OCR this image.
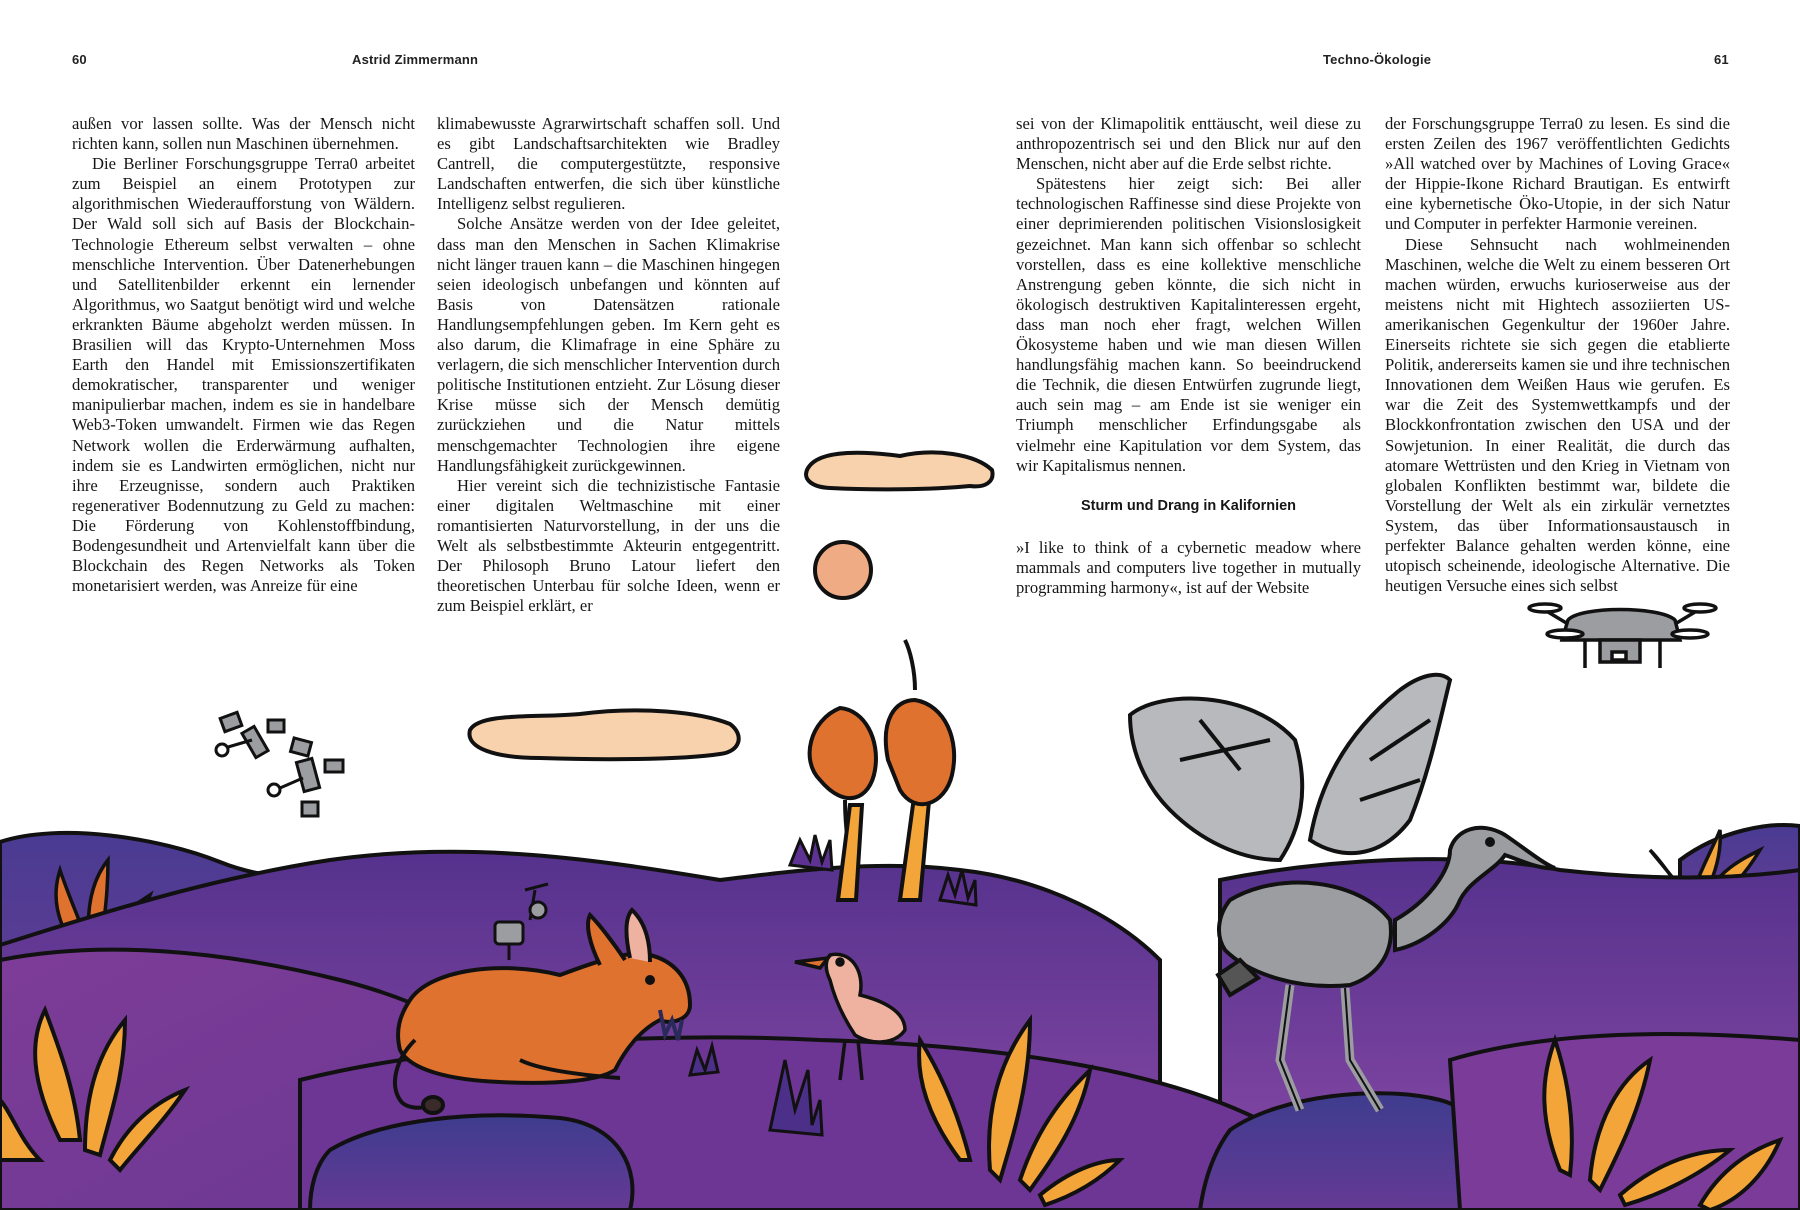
60	Astrid Zimmermann	Techno-Ökologie	61

außen vor lassen sollte. Was der Mensch nicht richten kann, sollen nun Maschinen übernehmen.

Die Berliner Forschungsgruppe Terra0 arbeitet zum Beispiel an einem Prototypen zur algorithmischen Wiederaufforstung von Wäldern. Der Wald soll sich auf Basis der Blockchain-Technologie Ethereum selbst verwalten – ohne menschliche Intervention. Über Datenerhebungen und Satellitenbilder erkennt ein lernender Algorithmus, wo Saatgut benötigt wird und welche erkrankten Bäume abgeholzt werden müssen. In Brasilien will das Krypto-Unternehmen Moss Earth den Handel mit Emissionszertifikaten demokratischer, transparenter und weniger manipulierbar machen, indem es sie in handelbare Web3-Token umwandelt. Firmen wie das Regen Network wollen die Erderwärmung aufhalten, indem sie es Landwirten ermöglichen, nicht nur ihre Erzeugnisse, sondern auch Praktiken regenerativer Bodennutzung zu Geld zu machen: Die Förderung von Kohlenstoffbindung, Bodengesundheit und Artenvielfalt kann über die Blockchain des Regen Networks als Token monetarisiert werden, was Anreize für eine

klimabewusste Agrarwirtschaft schaffen soll. Und es gibt Landschaftsarchitekten wie Bradley Cantrell, die computergestützte, responsive Landschaften entwerfen, die sich über künstliche Intelligenz selbst regulieren.

Solche Ansätze werden von der Idee geleitet, dass man den Menschen in Sachen Klimakrise nicht länger trauen kann – die Maschinen hingegen seien ideologisch unbefangen und könnten auf Basis von Datensätzen rationale Handlungsempfehlungen geben. Im Kern geht es also darum, die Klimafrage in eine Sphäre zu verlagern, die sich menschlicher Intervention durch politische Institutionen entzieht. Zur Lösung dieser Krise müsse sich der Mensch demütig zurückziehen und die Natur mittels menschgemachter Technologien ihre eigene Handlungsfähigkeit zurückgewinnen.

Hier vereint sich die technizistische Fantasie einer digitalen Weltmaschine mit einer romantisierten Naturvorstellung, in der uns die Welt als selbstbestimmte Akteurin entgegentritt. Der Philosoph Bruno Latour liefert den theoretischen Unterbau für solche Ideen, wenn er zum Beispiel erklärt, er

sei von der Klimapolitik enttäuscht, weil diese zu anthropozentrisch sei und den Blick nur auf den Menschen, nicht aber auf die Erde selbst richte.

Spätestens hier zeigt sich: Bei aller technologischen Raffinesse sind diese Projekte von einer deprimierenden politischen Visionslosigkeit gezeichnet. Man kann sich offenbar so schlecht vorstellen, dass es eine kollektive menschliche Anstrengung geben könnte, die sich nicht in ökologisch destruktiven Kapitalinteressen ergeht, dass man noch eher fragt, welchen Willen Ökosysteme haben und wie man diesen Willen handlungsfähig machen kann. So beeindruckend die Technik, die diesen Entwürfen zugrunde liegt, auch sein mag – am Ende ist sie weniger ein Triumph menschlicher Erfindungsgabe als vielmehr eine Kapitulation vor dem System, das wir Kapitalismus nennen.

Sturm und Drang in Kalifornien

»I like to think of a cybernetic meadow where mammals and computers live together in mutually programming harmony«, ist auf der Website

der Forschungsgruppe Terra0 zu lesen. Es sind die ersten Zeilen des 1967 veröffentlichten Gedichts »All watched over by Machines of Loving Grace« der Hippie-Ikone Richard Brautigan. Es entwirft eine kybernetische Öko-Utopie, in der sich Natur und Computer in perfekter Harmonie vereinen.

Diese Sehnsucht nach wohlmeinenden Maschinen, welche die Welt zu einem besseren Ort machen würden, erwuchs kurioserweise aus der meistens nicht mit Hightech assoziierten US-amerikanischen Gegenkultur der 1960er Jahre. Einerseits richtete sie sich gegen die etablierte Politik, andererseits kamen sie und ihre technischen Innovationen dem Weißen Haus wie gerufen. Es war die Zeit des Systemwettkampfs und der Blockkonfrontation zwischen den USA und der Sowjetunion. In einer Realität, die durch das atomare Wettrüsten und den Krieg in Vietnam von globalen Konflikten bestimmt war, bildete die Vorstellung der Welt als ein zirkulär vernetztes System, das über Informationsaustausch in perfekter Balance gehalten werden könne, eine utopisch scheinende, ideologische Alternative. Die heutigen Versuche eines sich selbst
